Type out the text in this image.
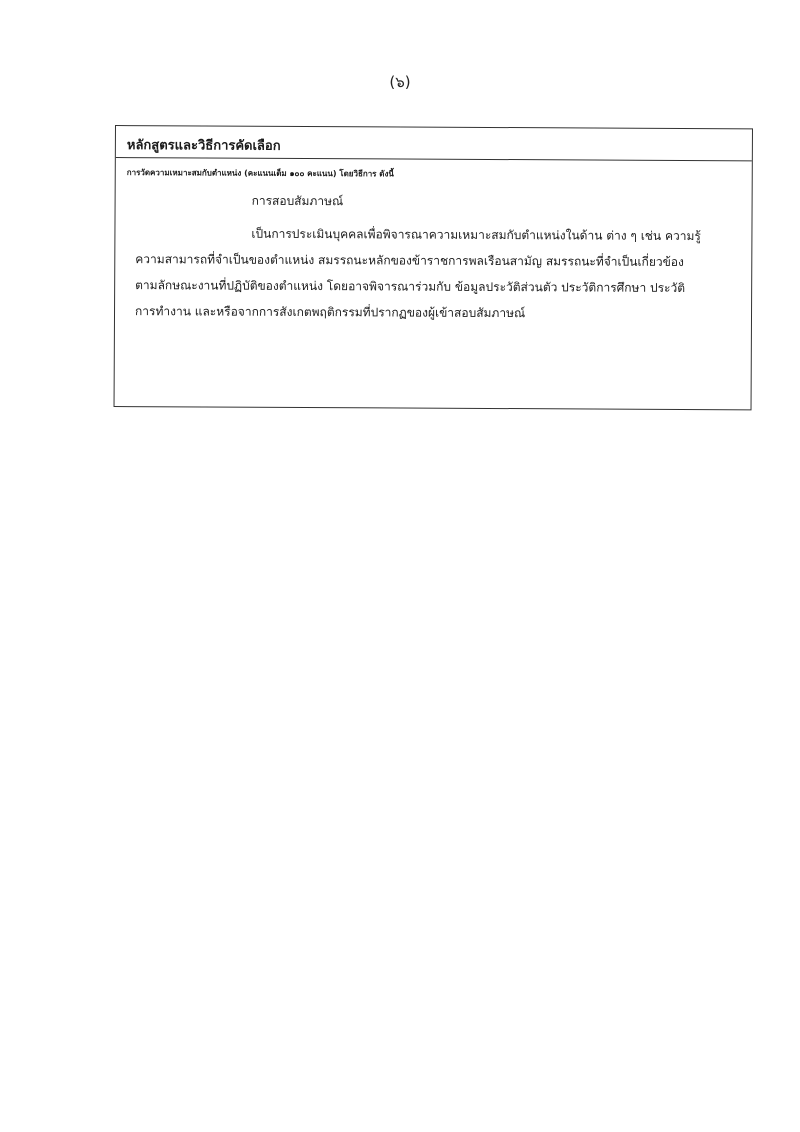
(๖)
หลักสูตรและวิธีการคัดเลือก
การวัดความเหมาะสมกับตำแหน่ง (คะแนนเต็ม ๑๐๐ คะแนน) โดยวิธีการ ดังนี้
การสอบสัมภาษณ์
เป็นการประเมินบุคคลเพื่อพิจารณาความเหมาะสมกับตำแหน่งในด้าน ต่าง ๆ เช่น ความรู้
ความสามารถที่จำเป็นของตำแหน่ง สมรรถนะหลักของข้าราชการพลเรือนสามัญ สมรรถนะที่จำเป็นเกี่ยวข้อง
ตามลักษณะงานที่ปฏิบัติของตำแหน่ง โดยอาจพิจารณาร่วมกับ ข้อมูลประวัติส่วนตัว ประวัติการศึกษา ประวัติ
การทำงาน และหรือจากการสังเกตพฤติกรรมที่ปรากฏของผู้เข้าสอบสัมภาษณ์
